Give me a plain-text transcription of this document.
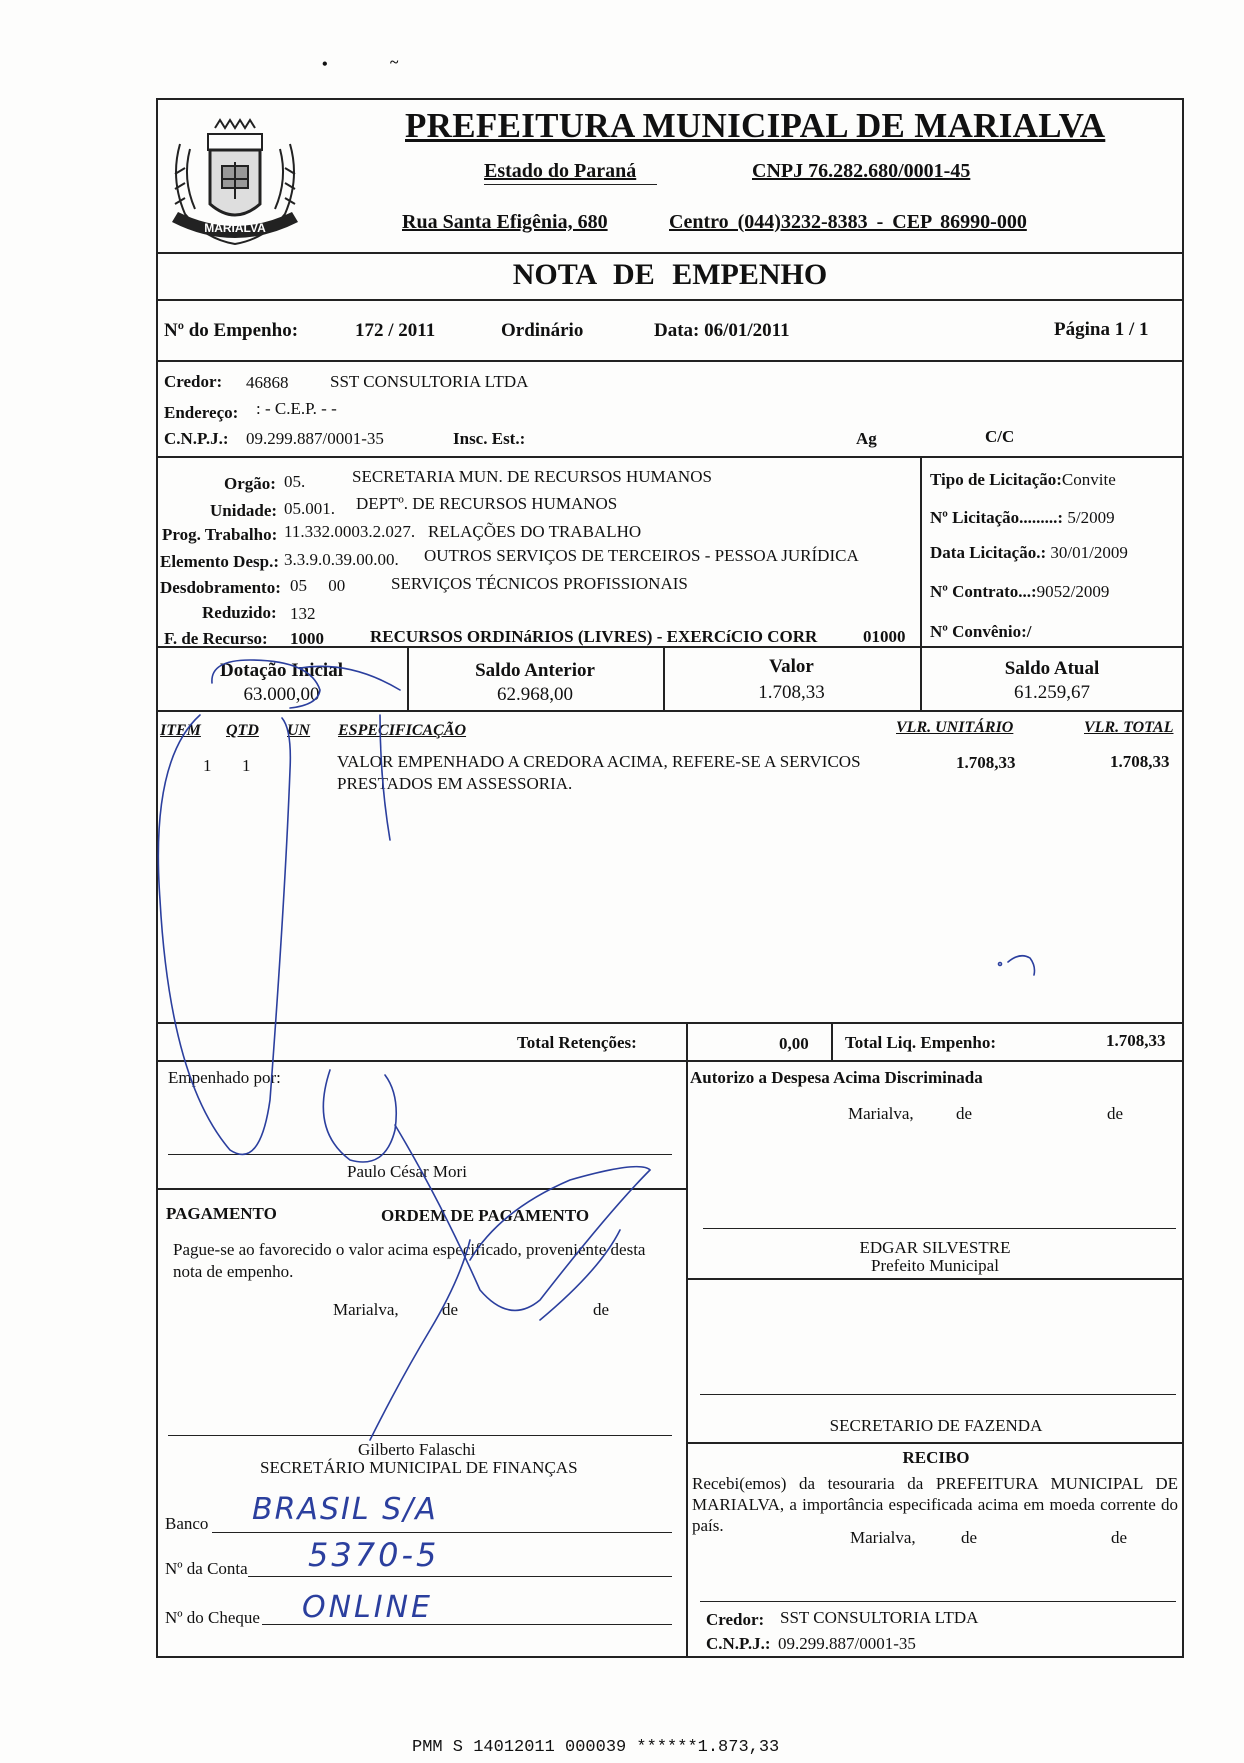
•	~
MARIALVA
PREFEITURA MUNICIPAL DE MARIALVA
Estado do Paraná	CNPJ 76.282.680/0001-45
Rua Santa Efigênia, 680	Centro (044)3232-8383 - CEP 86990-000
NOTA DE EMPENHO
Nº do Empenho:	172 / 2011	Ordinário	Data: 06/01/2011	Página 1 / 1
Credor: 46868 SST CONSULTORIA LTDA
Endereço: : - C.E.P. - -
C.N.P.J.: 09.299.887/0001-35	Insc. Est.:	Ag	C/C
Orgão: 05.	SECRETARIA MUN. DE RECURSOS HUMANOS
Unidade: 05.001. DEPTº. DE RECURSOS HUMANOS
Prog. Trabalho: 11.332.0003.2.027. RELAÇÕES DO TRABALHO
Elemento Desp.: 3.3.9.0.39.00.00. OUTROS SERVIÇOS DE TERCEIROS - PESSOA JURÍDICA
Desdobramento: 05     00	SERVIÇOS TÉCNICOS PROFISSIONAIS
Reduzido: 132
F. de Recurso: 1000	RECURSOS ORDINáRIOS (LIVRES) - EXERCíCIO CORR	01000
Tipo de Licitação:Convite
Nº Licitação.........: 5/2009
Data Licitação.: 30/01/2009
Nº Contrato...:9052/2009
Nº Convênio:/
Dotação Inicial
63.000,00
Saldo Anterior
62.968,00
Valor
1.708,33
Saldo Atual
61.259,67
ITEM QTD UN ESPECIFICAÇÃO	VLR. UNITÁRIO	VLR. TOTAL
1 1	VALOR EMPENHADO A CREDORA ACIMA, REFERE-SE A SERVICOS
PRESTADOS EM ASSESSORIA.
1.708,33	1.708,33
Total Retenções:	0,00 Total Liq. Empenho:	1.708,33
Empenhado por:
Paulo César Mori
PAGAMENTO	ORDEM DE PAGAMENTO
Pague-se ao favorecido o valor acima especificado, proveniente desta
nota de empenho.
Marialva,	de	de
Gilberto Falaschi
SECRETÁRIO MUNICIPAL DE FINANÇAS
Banco BRASIL S/A
Nº da Conta 5370-5
Nº do Cheque ONLINE
Autorizo a Despesa Acima Discriminada
Marialva, de	de
EDGAR SILVESTRE
Prefeito Municipal
SECRETARIO DE FAZENDA
RECIBO
Recebi(emos) da tesouraria da PREFEITURA MUNICIPAL DE
MARIALVA, a importância especificada acima em moeda corrente do
país.
Marialva,	de	de
Credor: SST CONSULTORIA LTDA
C.N.P.J.: 09.299.887/0001-35
PMM S 14012011 000039 ******1.873,33
